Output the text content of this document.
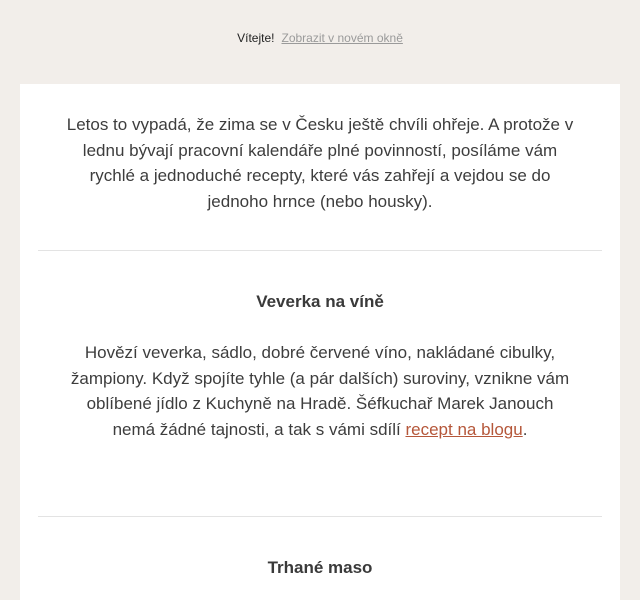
Vítejte! Zobrazit v novém okně

Letos to vypadá, že zima se v Česku ještě chvíli ohřeje. A protože v lednu bývají pracovní kalendáře plné povinností, posíláme vám rychlé a jednoduché recepty, které vás zahřejí a vejdou se do jednoho hrnce (nebo housky).

Veverka na víně

Hovězí veverka, sádlo, dobré červené víno, nakládané cibulky, žampiony. Když spojíte tyhle (a pár dalších) suroviny, vznikne vám oblíbené jídlo z Kuchyně na Hradě. Šéfkuchař Marek Janouch nemá žádné tajnosti, a tak s vámi sdílí recept na blogu.

Trhané maso
